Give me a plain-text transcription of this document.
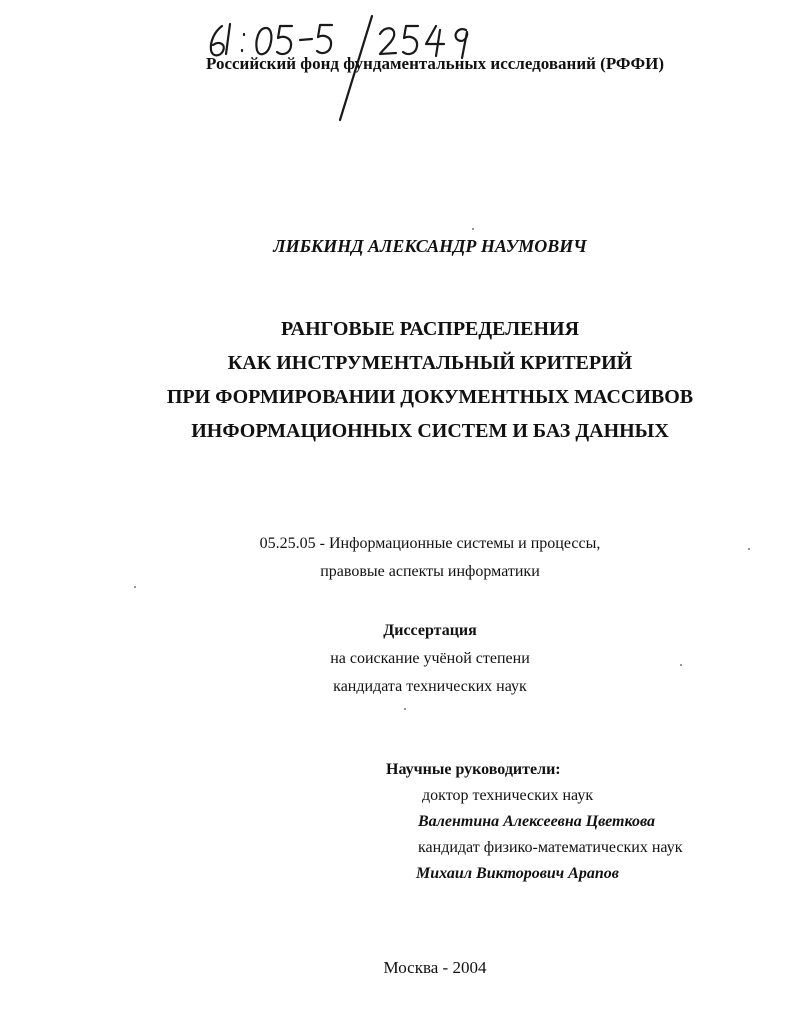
Российский фонд фундаментальных исследований (РФФИ)
ЛИБКИНД АЛЕКСАНДР НАУМОВИЧ
РАНГОВЫЕ РАСПРЕДЕЛЕНИЯ
КАК ИНСТРУМЕНТАЛЬНЫЙ КРИТЕРИЙ
ПРИ ФОРМИРОВАНИИ ДОКУМЕНТНЫХ МАССИВОВ
ИНФОРМАЦИОННЫХ СИСТЕМ И БАЗ ДАННЫХ
05.25.05 - Информационные системы и процессы,
правовые аспекты информатики
Диссертация
на соискание учёной степени
кандидата технических наук
Научные руководители:
доктор технических наук
Валентина Алексеевна Цветкова
кандидат физико-математических наук
Михаил Викторович Арапов
Москва - 2004
